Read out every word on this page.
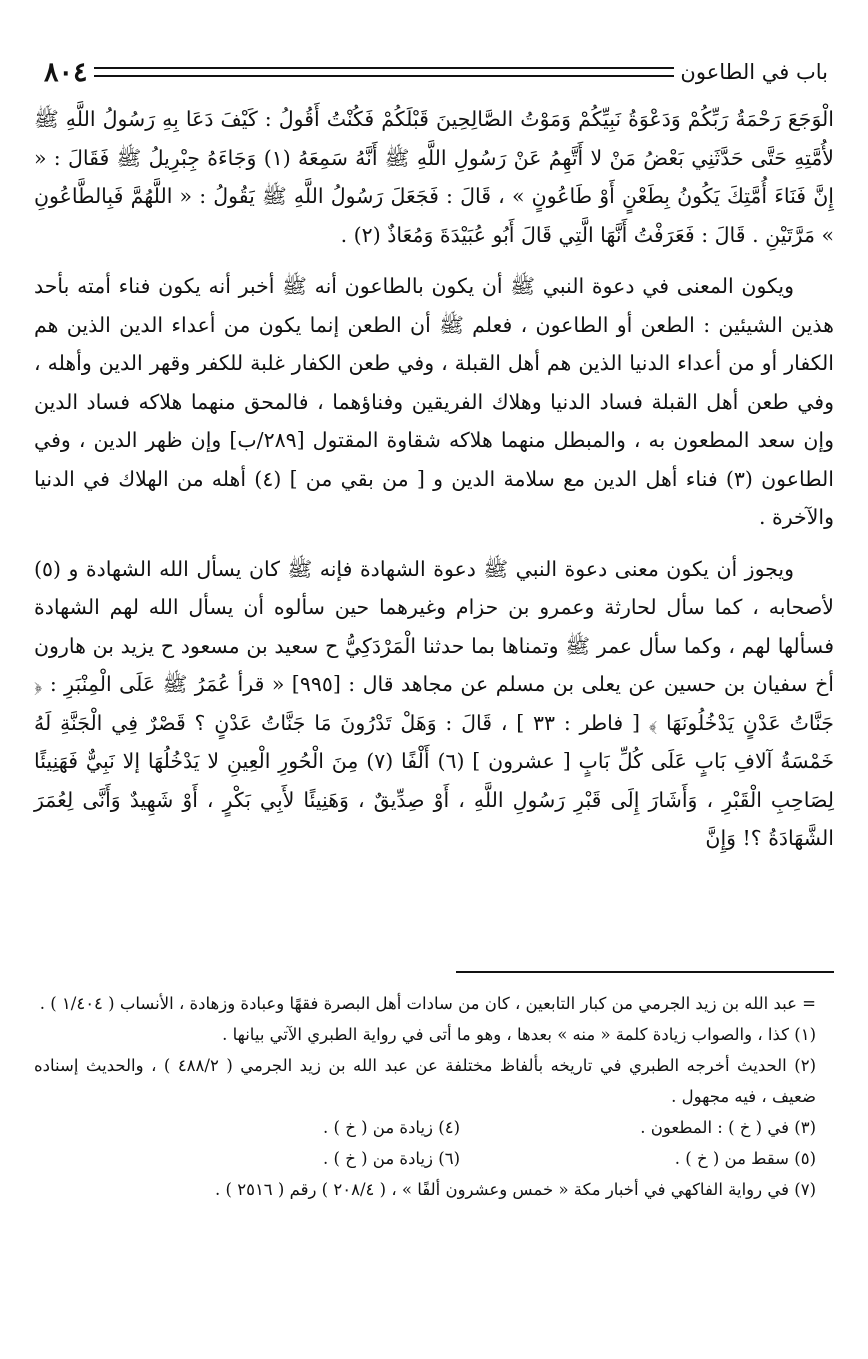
باب في الطاعون
٨٠٤

الْوَجَعَ رَحْمَةُ رَبِّكُمْ وَدَعْوَةُ نَبِيِّكُمْ وَمَوْتُ الصَّالِحِينَ قَبْلَكُمْ فَكُنْتُ أَقُولُ : كَيْفَ دَعَا بِهِ رَسُولُ اللَّهِ ﷺ لأُمَّتِهِ حَتَّى حَدَّثَنِي بَعْضُ مَنْ لا أَتَّهِمُ عَنْ رَسُولِ اللَّهِ ﷺ أَنَّهُ سَمِعَهُ (١) وَجَاءَهُ جِبْرِيلُ ﷺ فَقَالَ : « إِنَّ فَنَاءَ أُمَّتِكَ يَكُونُ بِطَعْنٍ أَوْ طَاعُونٍ » ، قَالَ : فَجَعَلَ رَسُولُ اللَّهِ ﷺ يَقُولُ : « اللَّهُمَّ فَبِالطَّاعُونِ » مَرَّتَيْنِ . قَالَ : فَعَرَفْتُ أَنَّهَا الَّتِي قَالَ أَبُو عُبَيْدَةَ وَمُعَاذٌ (٢) .

ويكون المعنى في دعوة النبي ﷺ أن يكون بالطاعون أنه ﷺ أخبر أنه يكون فناء أمته بأحد هذين الشيئين : الطعن أو الطاعون ، فعلم ﷺ أن الطعن إنما يكون من أعداء الدين الذين هم الكفار أو من أعداء الدنيا الذين هم أهل القبلة ، وفي طعن الكفار غلبة للكفر وقهر الدين وأهله ، وفي طعن أهل القبلة فساد الدنيا وهلاك الفريقين وفناؤهما ، فالمحق منهما هلاكه فساد الدين وإن سعد المطعون به ، والمبطل منهما هلاكه شقاوة المقتول [٢٨٩/ب] وإن ظهر الدين ، وفي الطاعون (٣) فناء أهل الدين مع سلامة الدين و [ من بقي من ] (٤) أهله من الهلاك في الدنيا والآخرة .

ويجوز أن يكون معنى دعوة النبي ﷺ دعوة الشهادة فإنه ﷺ كان يسأل الله الشهادة و (٥) لأصحابه ، كما سأل لحارثة وعمرو بن حزام وغيرهما حين سألوه أن يسأل الله لهم الشهادة فسألها لهم ، وكما سأل عمر ﷺ وتمناها بما حدثنا الْمَرْدَكِيُّ ح سعيد بن مسعود ح يزيد بن هارون أخ سفيان بن حسين عن يعلى بن مسلم عن مجاهد قال : [٩٩٥] « قرأ عُمَرُ ﷺ عَلَى الْمِنْبَرِ : ﴿ جَنَّاتُ عَدْنٍ يَدْخُلُونَهَا ﴾ [ فاطر : ٣٣ ] ، قَالَ : وَهَلْ تَدْرُونَ مَا جَنَّاتُ عَدْنٍ ؟ قَصْرٌ فِي الْجَنَّةِ لَهُ خَمْسَةُ آلافِ بَابٍ عَلَى كُلِّ بَابٍ [ عشرون ] (٦) أَلْفًا (٧) مِنَ الْحُورِ الْعِينِ لا يَدْخُلُهَا إلا نَبِيٌّ فَهَنِيئًا لِصَاحِبِ الْقَبْرِ ، وَأَشَارَ إِلَى قَبْرِ رَسُولِ اللَّهِ ، أَوْ صِدِّيقٌ ، وَهَنِيئًا لأَبِي بَكْرٍ ، أَوْ شَهِيدٌ وَأَنَّى لِعُمَرَ الشَّهَادَةُ ؟! وَإِنَّ

= عبد الله بن زيد الجرمي من كبار التابعين ، كان من سادات أهل البصرة فقهًا وعبادة وزهادة ، الأنساب ( ١/٤٠٤ ) .

(١) كذا ، والصواب زيادة كلمة « منه » بعدها ، وهو ما أتى في رواية الطبري الآتي بيانها .

(٢) الحديث أخرجه الطبري في تاريخه بألفاظ مختلفة عن عبد الله بن زيد الجرمي ( ٤٨٨/٢ ) ، والحديث إسناده ضعيف ، فيه مجهول .

(٣) في ( خ ) : المطعون .
(٤) زيادة من ( خ ) .
(٥) سقط من ( خ ) .
(٦) زيادة من ( خ ) .

(٧) في رواية الفاكهي في أخبار مكة « خمس وعشرون ألفًا » ، ( ٢٠٨/٤ ) رقم ( ٢٥١٦ ) .
